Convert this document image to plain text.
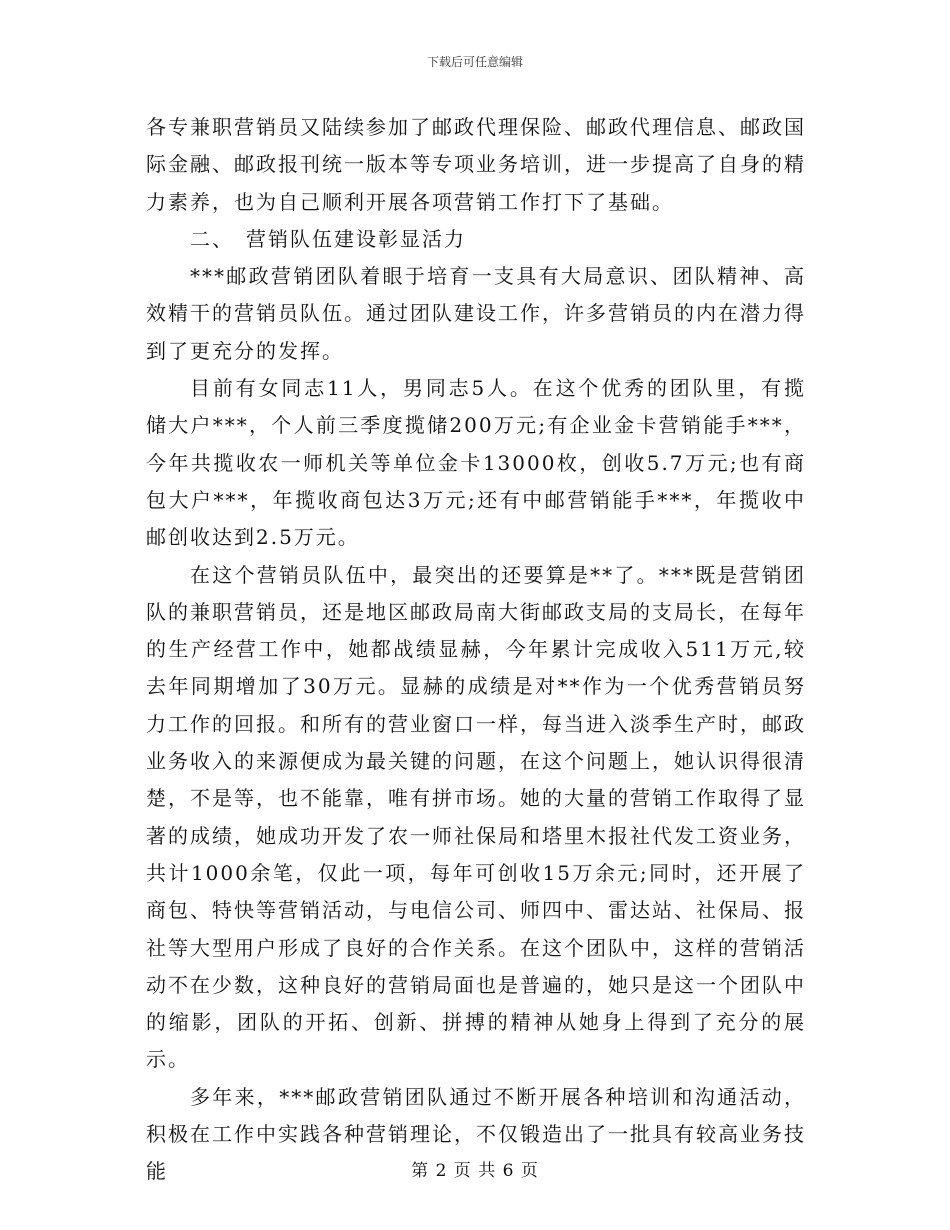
下载后可任意编辑

各专兼职营销员又陆续参加了邮政代理保险、邮政代理信息、邮政国际金融、邮政报刊统一版本等专项业务培训，进一步提高了自身的精力素养，也为自己顺利开展各项营销工作打下了基础。

二、　营销队伍建设彰显活力

***邮政营销团队着眼于培育一支具有大局意识、团队精神、高效精干的营销员队伍。通过团队建设工作，许多营销员的内在潜力得到了更充分的发挥。

目前有女同志11人，男同志5人。在这个优秀的团队里，有揽储大户***，个人前三季度揽储200万元;有企业金卡营销能手***，今年共揽收农一师机关等单位金卡13000枚，创收5.7万元;也有商包大户***，年揽收商包达3万元;还有中邮营销能手***，年揽收中邮创收达到2.5万元。

在这个营销员队伍中，最突出的还要算是**了。***既是营销团队的兼职营销员，还是地区邮政局南大街邮政支局的支局长，在每年的生产经营工作中，她都战绩显赫，今年累计完成收入511万元,较去年同期增加了30万元。显赫的成绩是对**作为一个优秀营销员努力工作的回报。和所有的营业窗口一样，每当进入淡季生产时，邮政业务收入的来源便成为最关键的问题，在这个问题上，她认识得很清楚，不是等，也不能靠，唯有拼市场。她的大量的营销工作取得了显著的成绩，她成功开发了农一师社保局和塔里木报社代发工资业务，共计1000余笔，仅此一项，每年可创收15万余元;同时，还开展了商包、特快等营销活动，与电信公司、师四中、雷达站、社保局、报社等大型用户形成了良好的合作关系。在这个团队中，这样的营销活动不在少数，这种良好的营销局面也是普遍的，她只是这一个团队中的缩影，团队的开拓、创新、拼搏的精神从她身上得到了充分的展示。

多年来，***邮政营销团队通过不断开展各种培训和沟通活动，积极在工作中实践各种营销理论，不仅锻造出了一批具有较高业务技能	第 2 页 共 6 页
